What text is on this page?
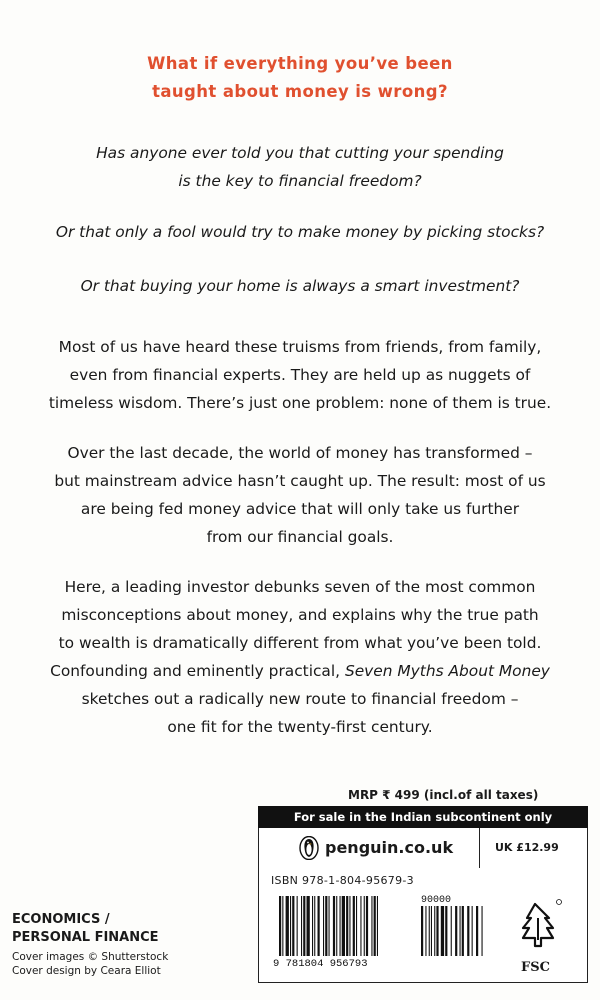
What if everything you’ve been
taught about money is wrong?
Has anyone ever told you that cutting your spending
is the key to financial freedom?
Or that only a fool would try to make money by picking stocks?
Or that buying your home is always a smart investment?
Most of us have heard these truisms from friends, from family,
even from financial experts. They are held up as nuggets of
timeless wisdom. There’s just one problem: none of them is true.
Over the last decade, the world of money has transformed –
but mainstream advice hasn’t caught up. The result: most of us
are being fed money advice that will only take us further
from our financial goals.
Here, a leading investor debunks seven of the most common
misconceptions about money, and explains why the true path
to wealth is dramatically different from what you’ve been told.
Confounding and eminently practical, Seven Myths About Money
sketches out a radically new route to financial freedom –
one fit for the twenty-first century.
ECONOMICS /
PERSONAL FINANCE
Cover images © Shutterstock
Cover design by Ceara Elliot
MRP ₹ 499 (incl.of all taxes)
For sale in the Indian subcontinent only
penguin.co.uk	UK £12.99
ISBN 978-1-804-95679-3
90000
9 781804 956793	FSC
